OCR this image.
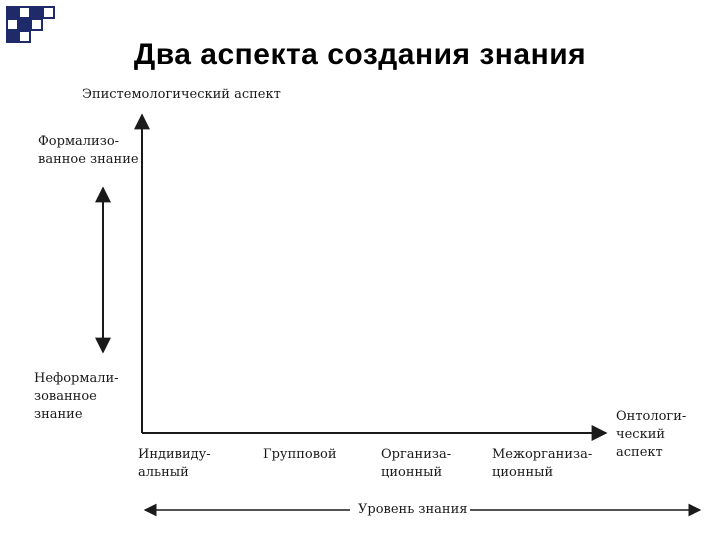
Два аспекта создания знания
Эпистемологический аспект
Формализо-
ванное знание
Неформали-
зованное
знание	Онтологи-
ческий
аспект
Индивиду-
альный
Групповой	Организа-
ционный
Межорганиза-
ционный
Уровень знания
